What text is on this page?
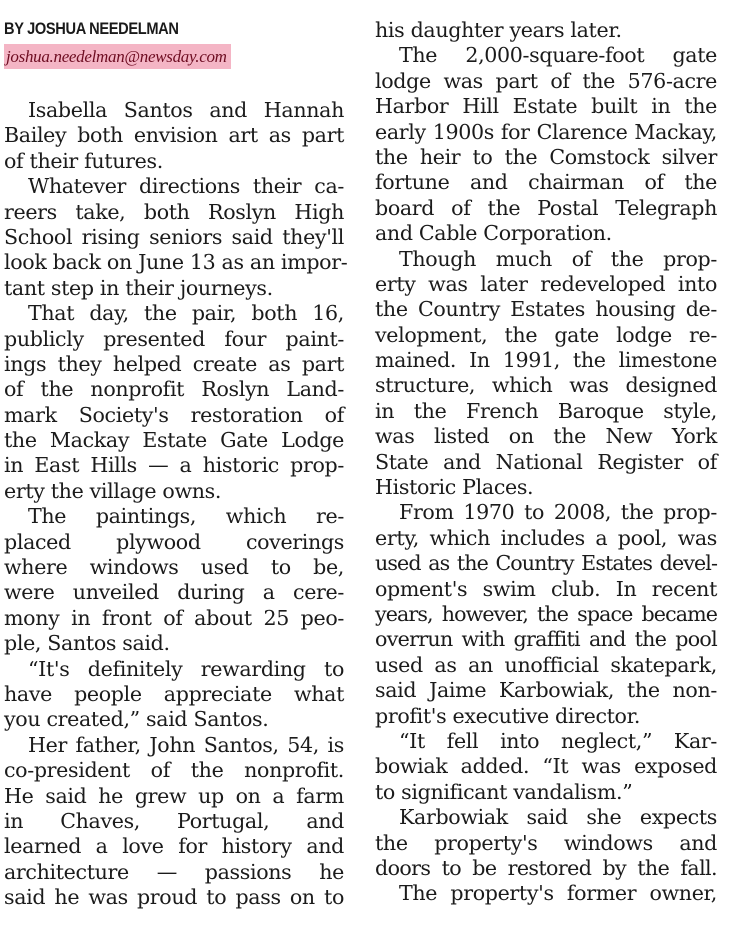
BY JOSHUA NEEDELMAN
joshua.needelman@newsday.com
Isabella Santos and Hannah
Bailey both envision art as part
of their futures.
Whatever directions their ca-
reers take, both Roslyn High
School rising seniors said they'll
look back on June 13 as an impor-
tant step in their journeys.
That day, the pair, both 16,
publicly presented four paint-
ings they helped create as part
of the nonprofit Roslyn Land-
mark Society's restoration of
the Mackay Estate Gate Lodge
in East Hills — a historic prop-
erty the village owns.
The paintings, which re-
placed plywood coverings
where windows used to be,
were unveiled during a cere-
mony in front of about 25 peo-
ple, Santos said.
“It's definitely rewarding to
have people appreciate what
you created,” said Santos.
Her father, John Santos, 54, is
co-president of the nonprofit.
He said he grew up on a farm
in Chaves, Portugal, and
learned a love for history and
architecture — passions he
said he was proud to pass on to
his daughter years later.
The 2,000-square-foot gate
lodge was part of the 576-acre
Harbor Hill Estate built in the
early 1900s for Clarence Mackay,
the heir to the Comstock silver
fortune and chairman of the
board of the Postal Telegraph
and Cable Corporation.
Though much of the prop-
erty was later redeveloped into
the Country Estates housing de-
velopment, the gate lodge re-
mained. In 1991, the limestone
structure, which was designed
in the French Baroque style,
was listed on the New York
State and National Register of
Historic Places.
From 1970 to 2008, the prop-
erty, which includes a pool, was
used as the Country Estates devel-
opment's swim club. In recent
years, however, the space became
overrun with graffiti and the pool
used as an unofficial skatepark,
said Jaime Karbowiak, the non-
profit's executive director.
“It fell into neglect,” Kar-
bowiak added. “It was exposed
to significant vandalism.”
Karbowiak said she expects
the property's windows and
doors to be restored by the fall.
The property's former owner,
